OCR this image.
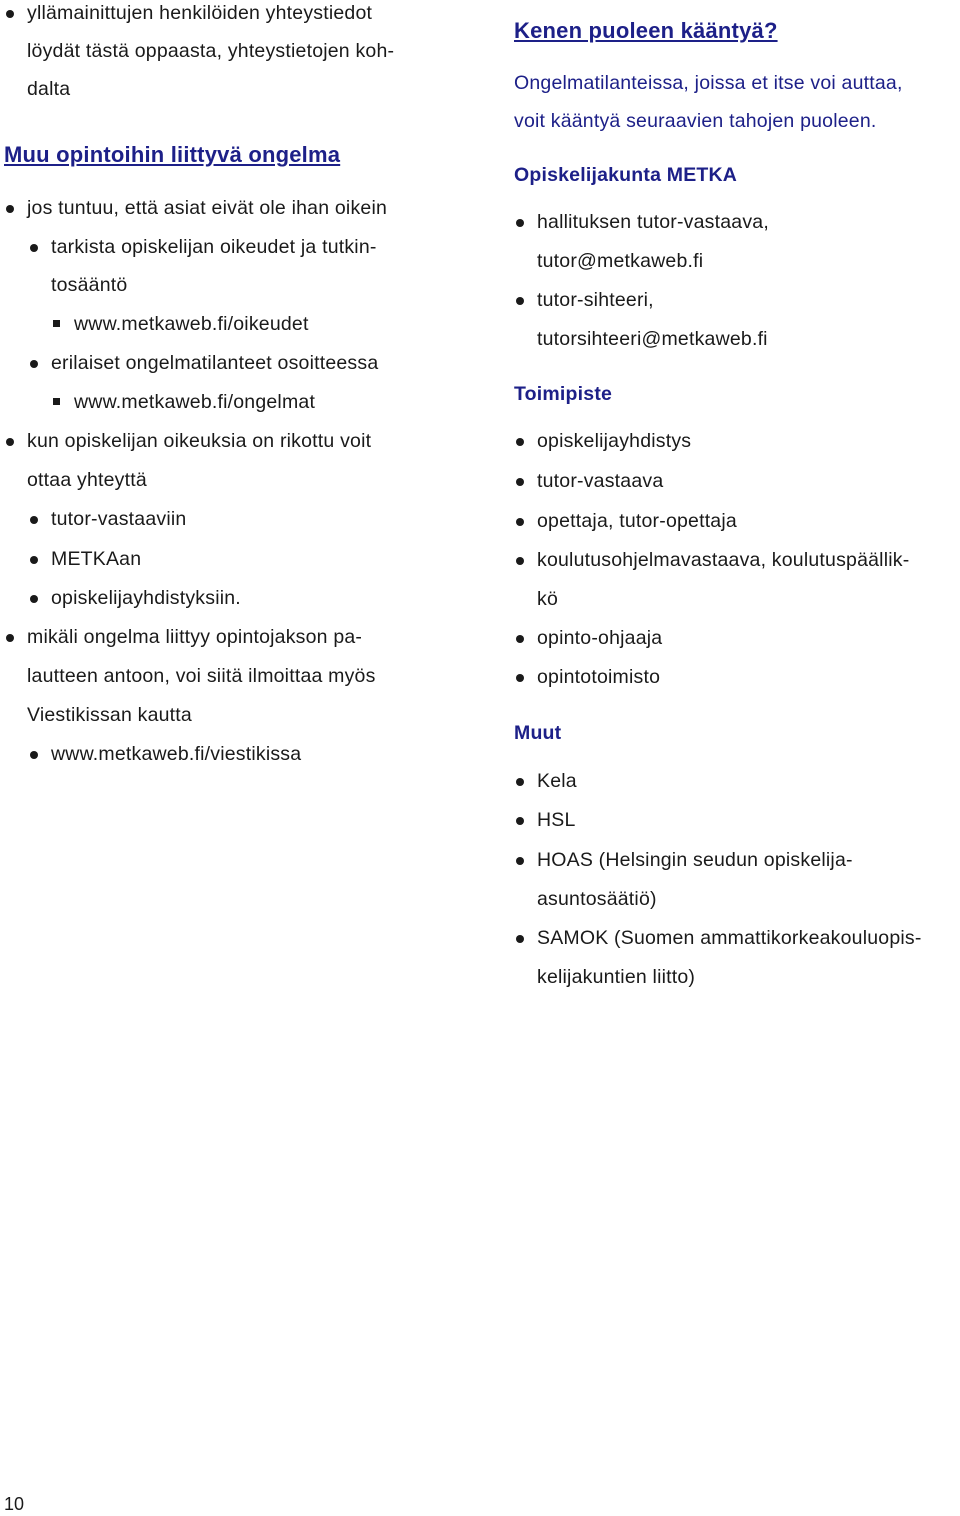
yllämainittujen henkilöiden yhteystiedot
löydät tästä oppaasta, yhteystietojen koh-
dalta
Muu opintoihin liittyvä ongelma
jos tuntuu, että asiat eivät ole ihan oikein
tarkista opiskelijan oikeudet ja tutkin-
tosääntö
www.metkaweb.fi/oikeudet
erilaiset ongelmatilanteet osoitteessa
www.metkaweb.fi/ongelmat
kun opiskelijan oikeuksia on rikottu voit
ottaa yhteyttä
tutor-vastaaviin
METKAan
opiskelijayhdistyksiin.
mikäli ongelma liittyy opintojakson pa-
lautteen antoon, voi siitä ilmoittaa myös
Viestikissan kautta
www.metkaweb.fi/viestikissa
Kenen puoleen kääntyä?
Ongelmatilanteissa, joissa et itse voi auttaa,
voit kääntyä seuraavien tahojen puoleen.
Opiskelijakunta METKA
hallituksen tutor-vastaava,
tutor@metkaweb.fi
tutor-sihteeri,
tutorsihteeri@metkaweb.fi
Toimipiste
opiskelijayhdistys
tutor-vastaava
opettaja, tutor-opettaja
koulutusohjelmavastaava, koulutuspäällik-
kö
opinto-ohjaaja
opintotoimisto
Muut
Kela
HSL
HOAS (Helsingin seudun opiskelija-
asuntosäätiö)
SAMOK (Suomen ammattikorkeakouluopis-
kelijakuntien liitto)
10
